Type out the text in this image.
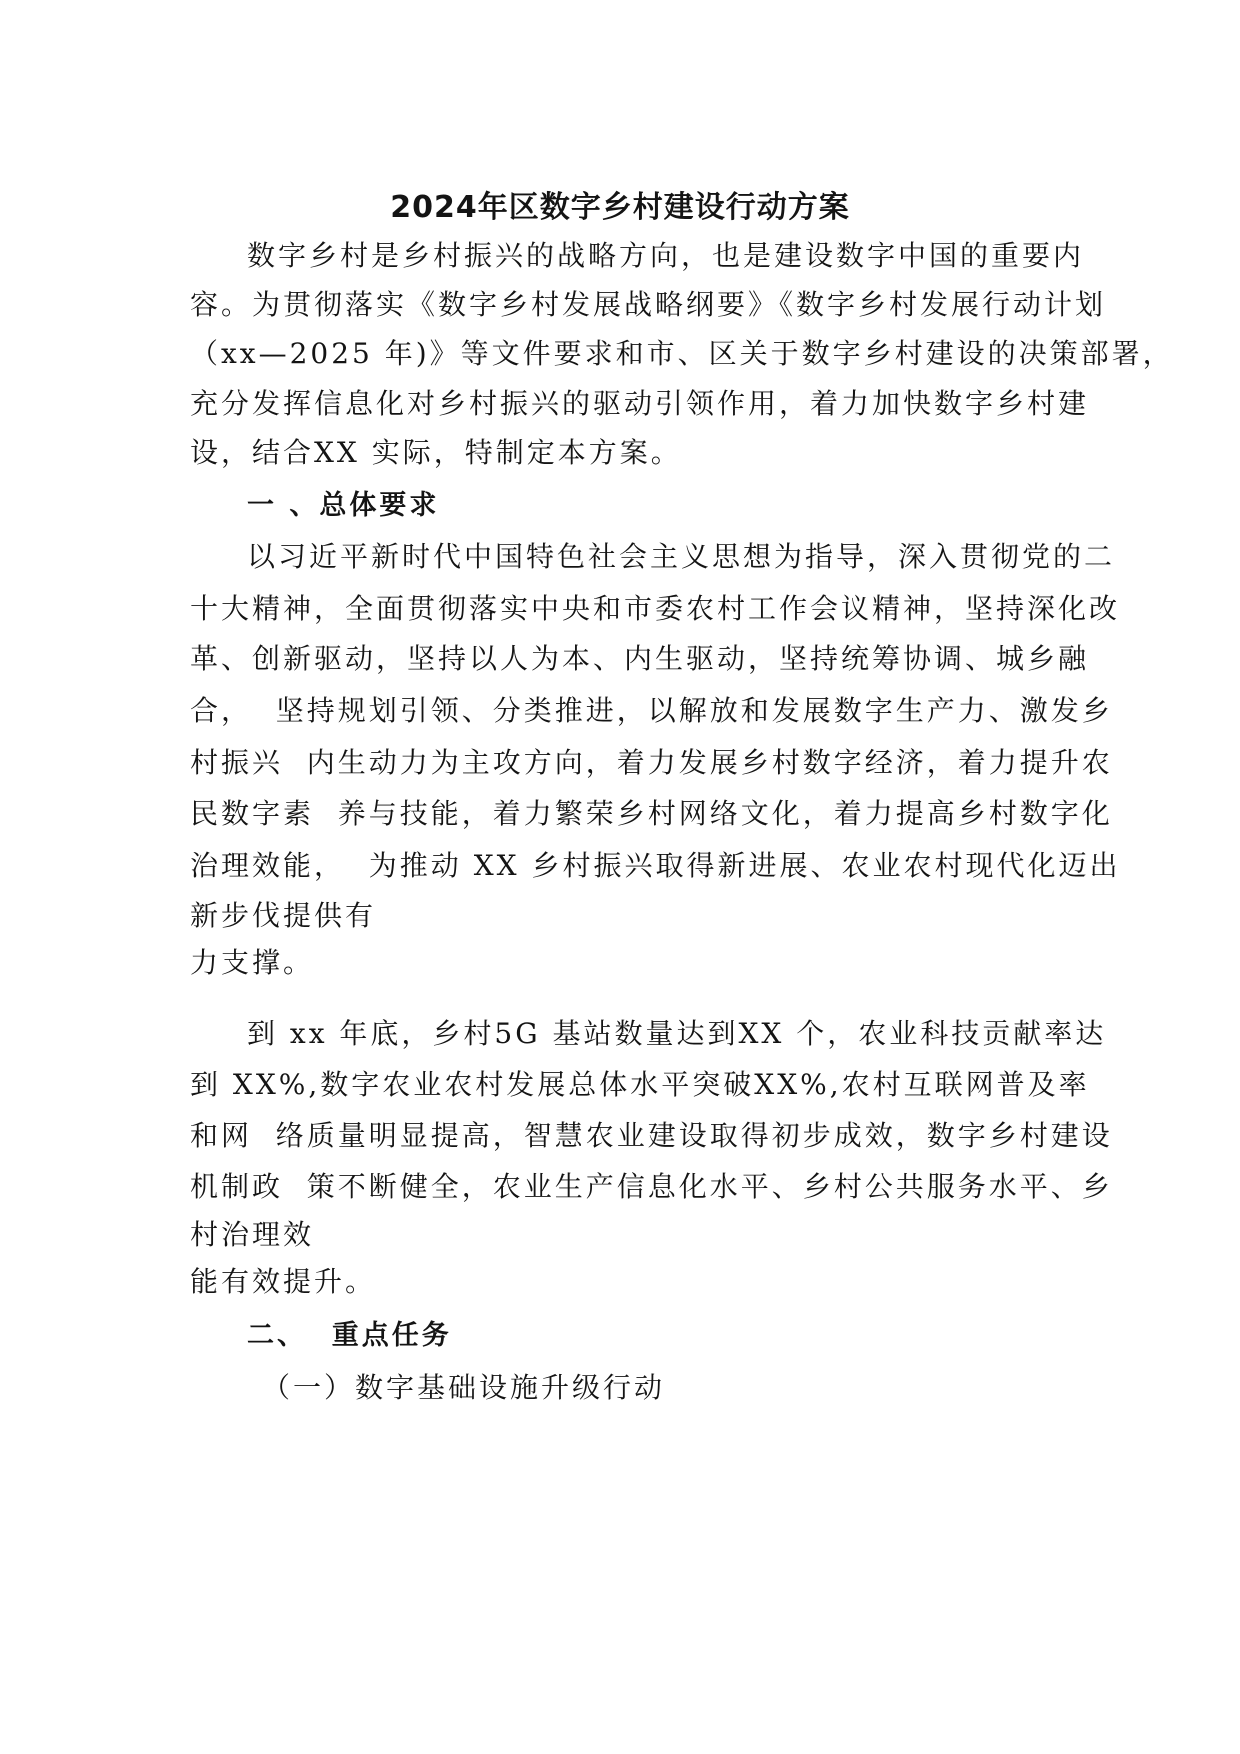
2024年区数字乡村建设行动方案

数字乡村是乡村振兴的战略方向，也是建设数字中国的重要内

容。为贯彻落实《数字乡村发展战略纲要》《数字乡村发展行动计划

（xx—2025 年)》等文件要求和市、区关于数字乡村建设的决策部署，

充分发挥信息化对乡村振兴的驱动引领作用，着力加快数字乡村建

设，结合XX 实际，特制定本方案。

一 、总体要求

以习近平新时代中国特色社会主义思想为指导，深入贯彻党的二

十大精神，全面贯彻落实中央和市委农村工作会议精神，坚持深化改

革、创新驱动，坚持以人为本、内生驱动，坚持统筹协调、城乡融

合，  坚持规划引领、分类推进，以解放和发展数字生产力、激发乡

村振兴  内生动力为主攻方向，着力发展乡村数字经济，着力提升农

民数字素  养与技能，着力繁荣乡村网络文化，着力提高乡村数字化

治理效能，  为推动 XX 乡村振兴取得新进展、农业农村现代化迈出

新步伐提供有

力支撑。

到 xx 年底，乡村5G 基站数量达到XX 个，农业科技贡献率达

到 XX%,数字农业农村发展总体水平突破XX%,农村互联网普及率

和网  络质量明显提高，智慧农业建设取得初步成效，数字乡村建设

机制政  策不断健全，农业生产信息化水平、乡村公共服务水平、乡

村治理效

能有效提升。

二、  重点任务

（一）数字基础设施升级行动
